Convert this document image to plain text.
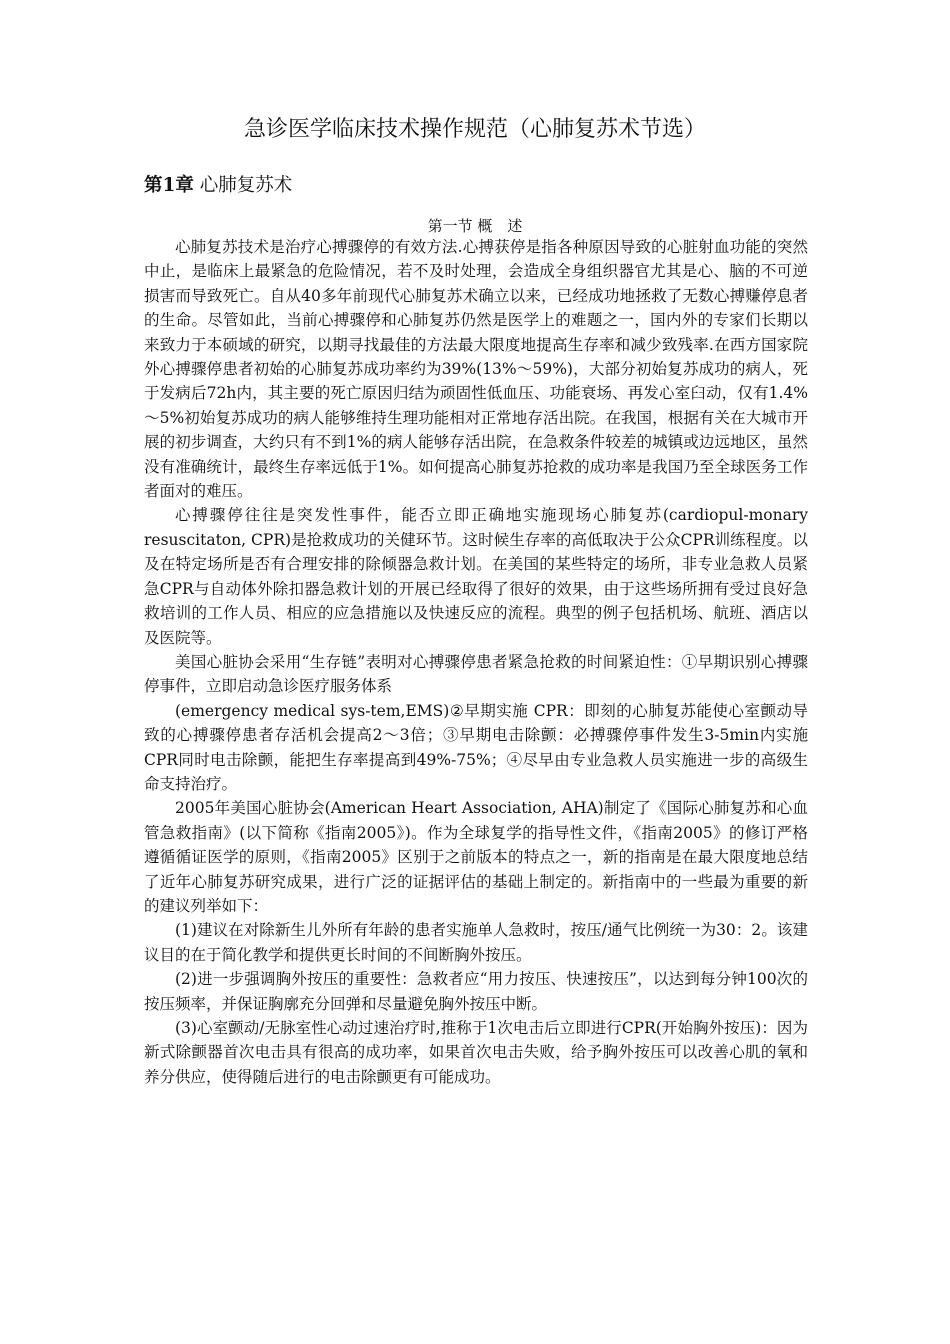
急诊医学临床技术操作规范（心肺复苏术节选）
第1章 心肺复苏术
第一节 概　述

心肺复苏技术是治疗心搏骤停的有效方法.心搏获停是指各种原因导致的心脏射血功能的突然中止，是临床上最紧急的危险情况，若不及时处理，会造成全身组织器官尤其是心、脑的不可逆损害而导致死亡。自从40多年前现代心肺复苏术确立以来，已经成功地拯救了无数心搏赚停息者的生命。尽管如此，当前心搏骤停和心肺复苏仍然是医学上的难题之一，国内外的专家们长期以来致力于本硕域的研究，以期寻找最佳的方法最大限度地提高生存率和减少致残率.在西方国家院外心搏骤停患者初始的心肺复苏成功率约为39%(13%～59%)，大部分初始复苏成功的病人，死于发病后72h内，其主要的死亡原因归结为顽固性低血压、功能衰场、再发心室臼动，仅有1.4%～5%初始复苏成功的病人能够维持生理功能相对正常地存活出院。在我国，根据有关在大城市开展的初步调查，大约只有不到1%的病人能够存活出院，在急救条件较差的城镇或边远地区，虽然没有准确统计，最终生存率远低于1%。如何提高心肺复苏抢救的成功率是我国乃至全球医务工作者面对的难压。

心搏骤停往往是突发性事件，能否立即正确地实施现场心肺复苏(cardiopul-monary resuscitaton, CPR)是抢救成功的关健环节。这时候生存率的高低取决于公众CPR训练程度。以及在特定场所是否有合理安排的除倾器急救计划。在美国的某些特定的场所，非专业急救人员紧急CPR与自动体外除扣器急救计划的开展已经取得了很好的效果，由于这些场所拥有受过良好急救培训的工作人员、相应的应急措施以及快速反应的流程。典型的例子包括机场、航班、酒店以及医院等。

美国心脏协会采用“生存链”表明对心搏骤停患者紧急抢救的时间紧迫性：①早期识别心搏骤停事件，立即启动急诊医疗服务体系

(emergency medical sys-tem,EMS)②早期实施 CPR：即刻的心肺复苏能使心室颤动导致的心搏骤停患者存活机会提高2～3倍；③早期电击除颤：必搏骤停事件发生3-5min内实施CPR同时电击除颤，能把生存率提高到49%-75%；④尽早由专业急救人员实施进一步的高级生命支持治疗。

2005年美国心脏协会(American Heart Association, AHA)制定了《国际心肺复苏和心血管急救指南》(以下简称《指南2005》)。作为全球复学的指导性文件，《指南2005》的修订严格遵循循证医学的原则，《指南2005》区别于之前版本的特点之一，新的指南是在最大限度地总结了近年心肺复苏研究成果，进行广泛的证据评估的基础上制定的。新指南中的一些最为重要的新的建议列举如下：

(1)建议在对除新生儿外所有年龄的患者实施单人急救时，按压/通气比例统一为30：2。该建议目的在于简化教学和提供更长时间的不间断胸外按压。

(2)进一步强调胸外按压的重要性：急救者应“用力按压、快速按压”，以达到每分钟100次的按压频率，并保证胸廓充分回弹和尽量避免胸外按压中断。

(3)心室颤动/无脉室性心动过速治疗时,推称于1次电击后立即进行CPR(开始胸外按压)：因为新式除颤器首次电击具有很高的成功率，如果首次电击失败，给予胸外按压可以改善心肌的氧和养分供应，使得随后进行的电击除颤更有可能成功。
